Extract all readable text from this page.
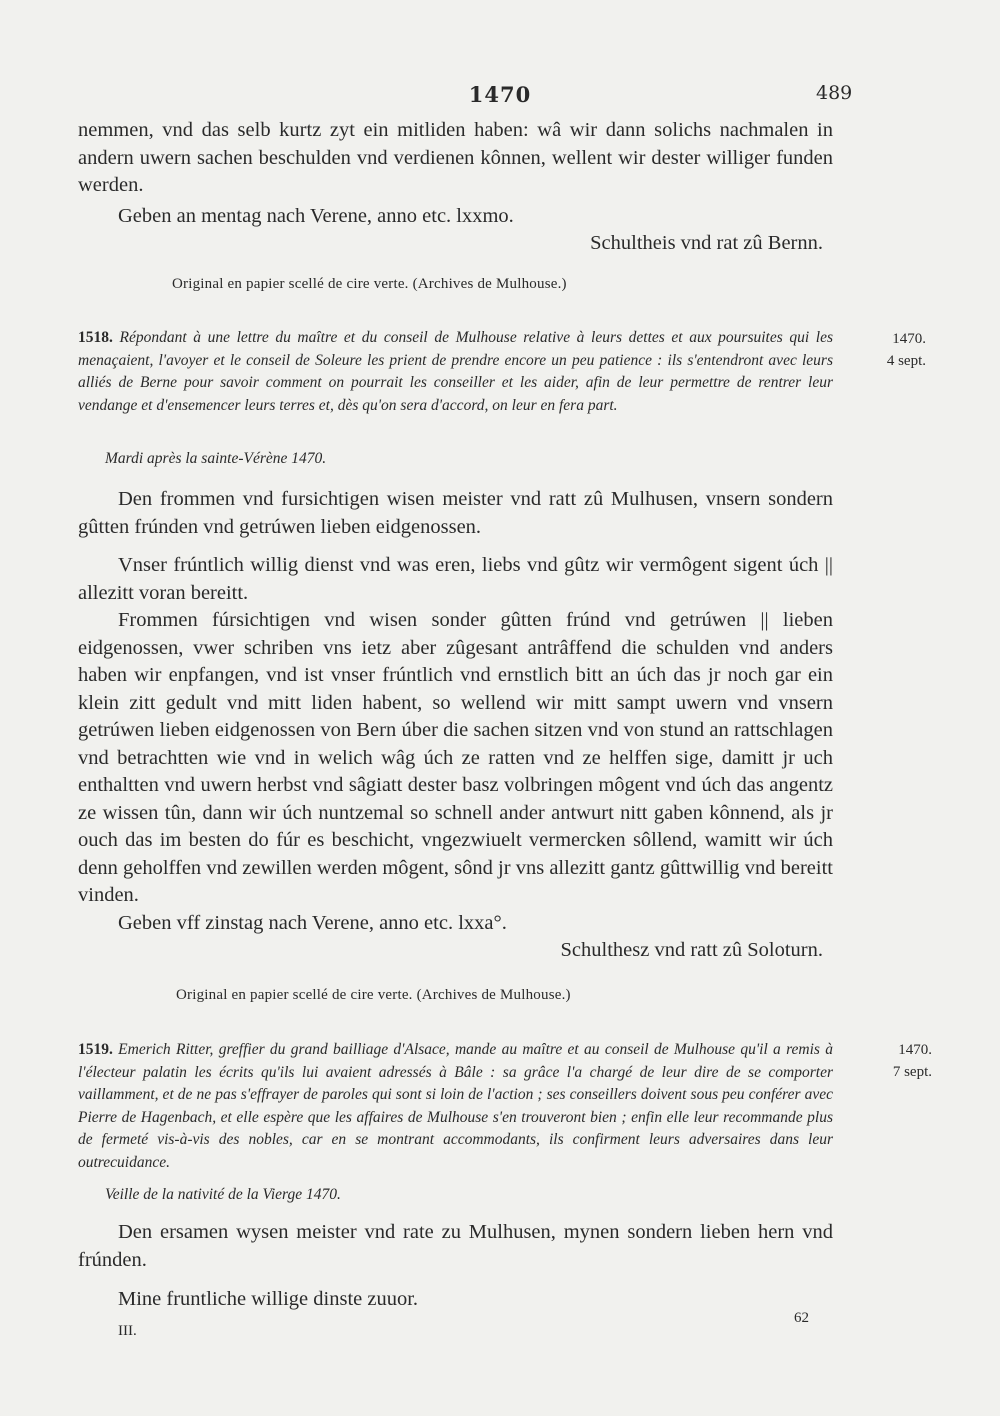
1470	489

nemmen, vnd das selb kurtz zyt ein mitliden haben: wâ wir dann solichs nachmalen in andern uwern sachen beschulden vnd verdienen kônnen, wellent wir dester williger funden werden.

Geben an mentag nach Verene, anno etc. lxxmo.

Schultheis vnd rat zû Bernn.

Original en papier scellé de cire verte. (Archives de Mulhouse.)
1518. Répondant à une lettre du maître et du conseil de Mulhouse relative à leurs dettes et aux poursuites qui les menaçaient, l'avoyer et le conseil de Soleure les prient de prendre encore un peu patience : ils s'entendront avec leurs alliés de Berne pour savoir comment on pourrait les conseiller et les aider, afin de leur permettre de rentrer leur vendange et d'ensemencer leurs terres et, dès qu'on sera d'accord, on leur en fera part.
Mardi après la sainte-Vérène 1470.
1470.
4 sept.

Den frommen vnd fursichtigen wisen meister vnd ratt zû Mulhusen, vnsern sondern gûtten frúnden vnd getrúwen lieben eidgenossen.

Vnser frúntlich willig dienst vnd was eren, liebs vnd gûtz wir vermôgent sigent úch || allezitt voran bereitt.

Frommen fúrsichtigen vnd wisen sonder gûtten frúnd vnd getrúwen || lieben eidgenossen, vwer schriben vns ietz aber zûgesant antrâffend die schulden vnd anders haben wir enpfangen, vnd ist vnser frúntlich vnd ernstlich bitt an úch das jr noch gar ein klein zitt gedult vnd mitt liden habent, so wellend wir mitt sampt uwern vnd vnsern getrúwen lieben eidgenossen von Bern úber die sachen sitzen vnd von stund an rattschlagen vnd betrachtten wie vnd in welich wâg úch ze ratten vnd ze helffen sige, damitt jr uch enthaltten vnd uwern herbst vnd sâgiatt dester basz volbringen môgent vnd úch das angentz ze wissen tûn, dann wir úch nuntzemal so schnell ander antwurt nitt gaben kônnend, als jr ouch das im besten do fúr es beschicht, vngezwiuelt vermercken sôllend, wamitt wir úch denn geholffen vnd zewillen werden môgent, sônd jr vns allezitt gantz gûttwillig vnd bereitt vinden.

Geben vff zinstag nach Verene, anno etc. lxxa°.

Schulthesz vnd ratt zû Soloturn.

Original en papier scellé de cire verte. (Archives de Mulhouse.)
1519. Emerich Ritter, greffier du grand bailliage d'Alsace, mande au maître et au conseil de Mulhouse qu'il a remis à l'électeur palatin les écrits qu'ils lui avaient adressés à Bâle : sa grâce l'a chargé de leur dire de se comporter vaillamment, et de ne pas s'effrayer de paroles qui sont si loin de l'action ; ses conseillers doivent sous peu conférer avec Pierre de Hagenbach, et elle espère que les affaires de Mulhouse s'en trouveront bien ; enfin elle leur recommande plus de fermeté vis-à-vis des nobles, car en se montrant accommodants, ils confirment leurs adversaires dans leur outrecuidance.
Veille de la nativité de la Vierge 1470.
1470.
7 sept.

Den ersamen wysen meister vnd rate zu Mulhusen, mynen sondern lieben hern vnd frúnden.

Mine fruntliche willige dinste zuuor.

III.
62
